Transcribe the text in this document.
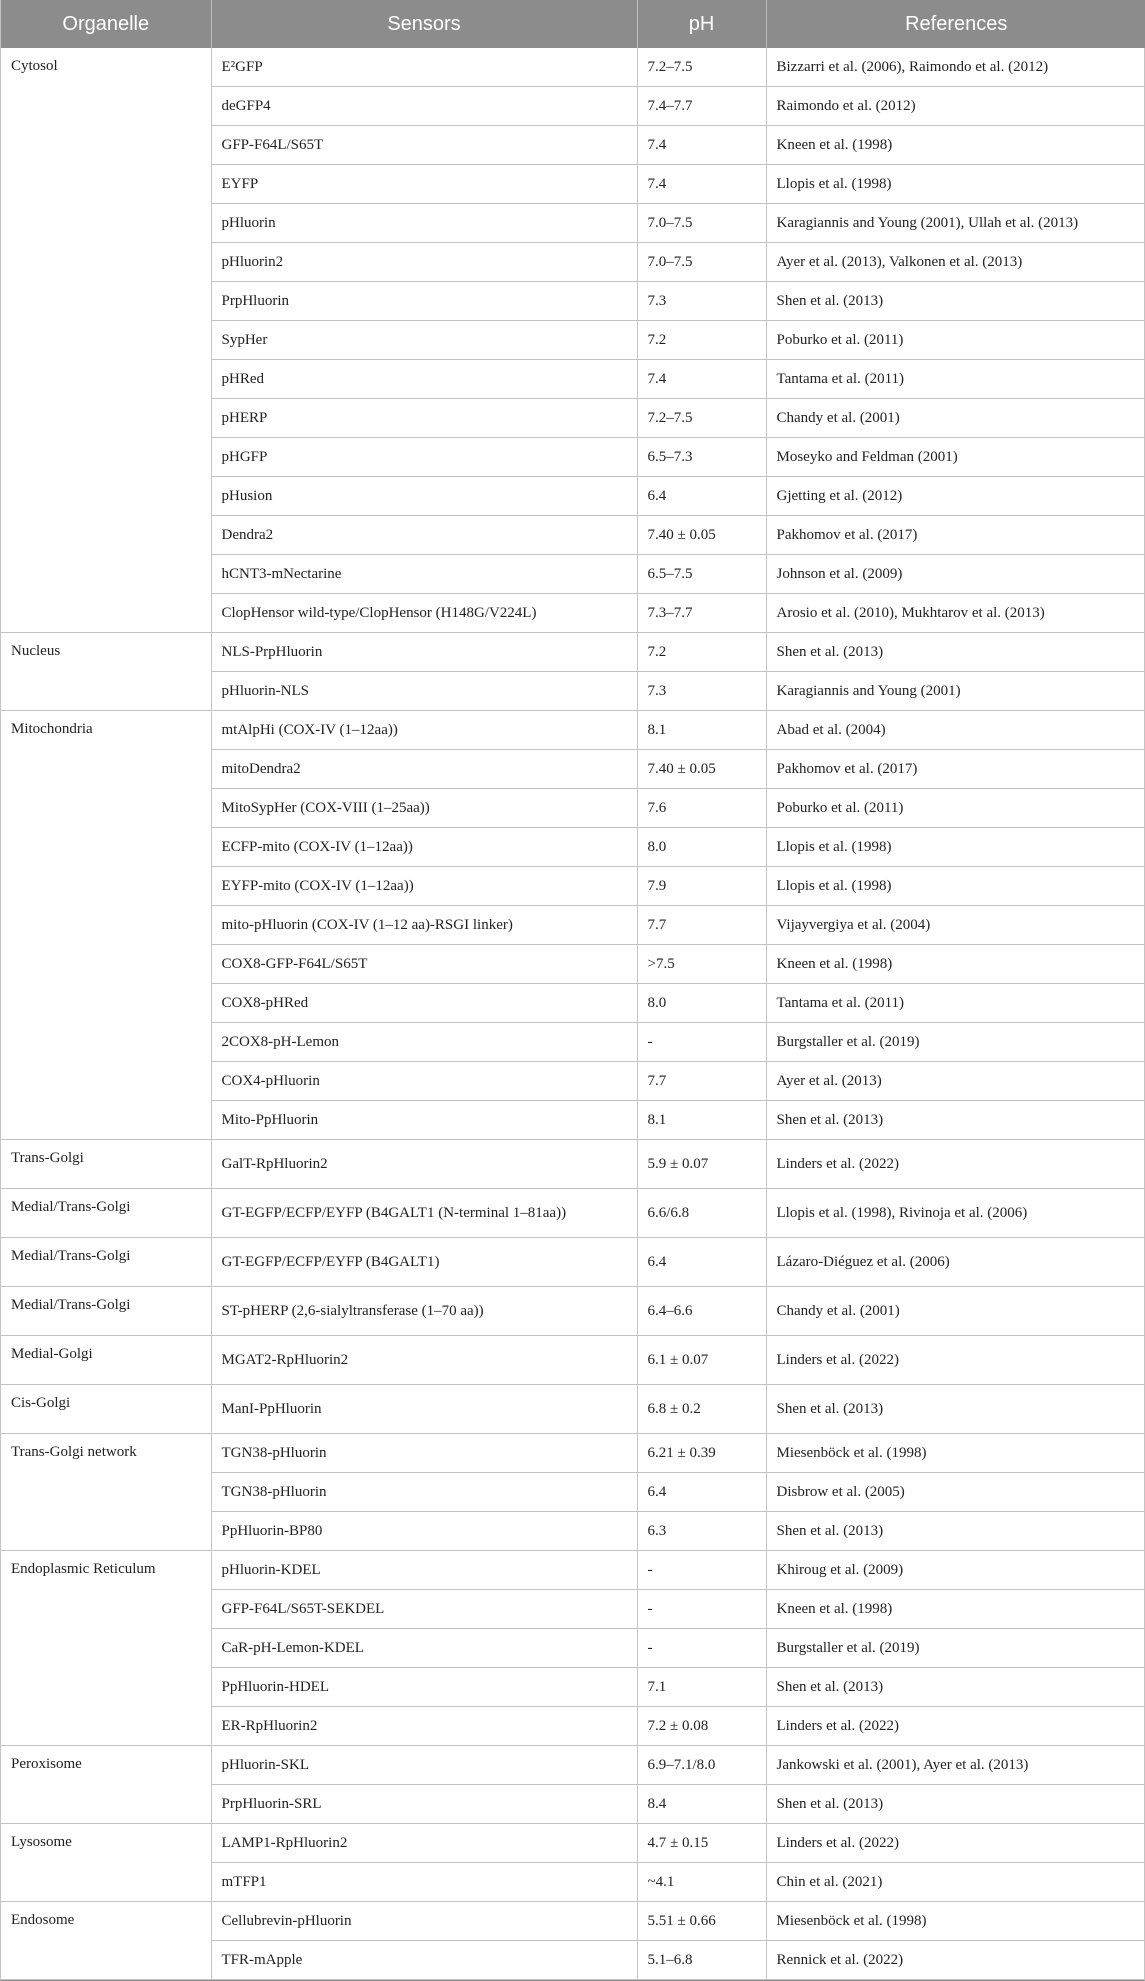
Organelle	Sensors	pH	References
Cytosol	E²GFP	7.2–7.5	Bizzarri et al. (2006), Raimondo et al. (2012)
	deGFP4	7.4–7.7	Raimondo et al. (2012)
	GFP-F64L/S65T	7.4	Kneen et al. (1998)
	EYFP	7.4	Llopis et al. (1998)
	pHluorin	7.0–7.5	Karagiannis and Young (2001), Ullah et al. (2013)
	pHluorin2	7.0–7.5	Ayer et al. (2013), Valkonen et al. (2013)
	PrpHluorin	7.3	Shen et al. (2013)
	SypHer	7.2	Poburko et al. (2011)
	pHRed	7.4	Tantama et al. (2011)
	pHERP	7.2–7.5	Chandy et al. (2001)
	pHGFP	6.5–7.3	Moseyko and Feldman (2001)
	pHusion	6.4	Gjetting et al. (2012)
	Dendra2	7.40 ± 0.05	Pakhomov et al. (2017)
	hCNT3-mNectarine	6.5–7.5	Johnson et al. (2009)
	ClopHensor wild-type/ClopHensor (H148G/V224L)	7.3–7.7	Arosio et al. (2010), Mukhtarov et al. (2013)
Nucleus	NLS-PrpHluorin	7.2	Shen et al. (2013)
	pHluorin-NLS	7.3	Karagiannis and Young (2001)
Mitochondria	mtAlpHi (COX-IV (1–12aa))	8.1	Abad et al. (2004)
	mitoDendra2	7.40 ± 0.05	Pakhomov et al. (2017)
	MitoSypHer (COX-VIII (1–25aa))	7.6	Poburko et al. (2011)
	ECFP-mito (COX-IV (1–12aa))	8.0	Llopis et al. (1998)
	EYFP-mito (COX-IV (1–12aa))	7.9	Llopis et al. (1998)
	mito-pHluorin (COX-IV (1–12 aa)-RSGI linker)	7.7	Vijayvergiya et al. (2004)
	COX8-GFP-F64L/S65T	>7.5	Kneen et al. (1998)
	COX8-pHRed	8.0	Tantama et al. (2011)
	2COX8-pH-Lemon	-	Burgstaller et al. (2019)
	COX4-pHluorin	7.7	Ayer et al. (2013)
	Mito-PpHluorin	8.1	Shen et al. (2013)
Trans-Golgi	GalT-RpHluorin2	5.9 ± 0.07	Linders et al. (2022)
Medial/Trans-Golgi	GT-EGFP/ECFP/EYFP (B4GALT1 (N-terminal 1–81aa))	6.6/6.8	Llopis et al. (1998), Rivinoja et al. (2006)
Medial/Trans-Golgi	GT-EGFP/ECFP/EYFP (B4GALT1)	6.4	Lázaro-Diéguez et al. (2006)
Medial/Trans-Golgi	ST-pHERP (2,6-sialyltransferase (1–70 aa))	6.4–6.6	Chandy et al. (2001)
Medial-Golgi	MGAT2-RpHluorin2	6.1 ± 0.07	Linders et al. (2022)
Cis-Golgi	ManI-PpHluorin	6.8 ± 0.2	Shen et al. (2013)
Trans-Golgi network	TGN38-pHluorin	6.21 ± 0.39	Miesenböck et al. (1998)
	TGN38-pHluorin	6.4	Disbrow et al. (2005)
	PpHluorin-BP80	6.3	Shen et al. (2013)
Endoplasmic Reticulum	pHluorin-KDEL	-	Khiroug et al. (2009)
	GFP-F64L/S65T-SEKDEL	-	Kneen et al. (1998)
	CaR-pH-Lemon-KDEL	-	Burgstaller et al. (2019)
	PpHluorin-HDEL	7.1	Shen et al. (2013)
	ER-RpHluorin2	7.2 ± 0.08	Linders et al. (2022)
Peroxisome	pHluorin-SKL	6.9–7.1/8.0	Jankowski et al. (2001), Ayer et al. (2013)
	PrpHluorin-SRL	8.4	Shen et al. (2013)
Lysosome	LAMP1-RpHluorin2	4.7 ± 0.15	Linders et al. (2022)
	mTFP1	~4.1	Chin et al. (2021)
Endosome	Cellubrevin-pHluorin	5.51 ± 0.66	Miesenböck et al. (1998)
	TFR-mApple	5.1–6.8	Rennick et al. (2022)
